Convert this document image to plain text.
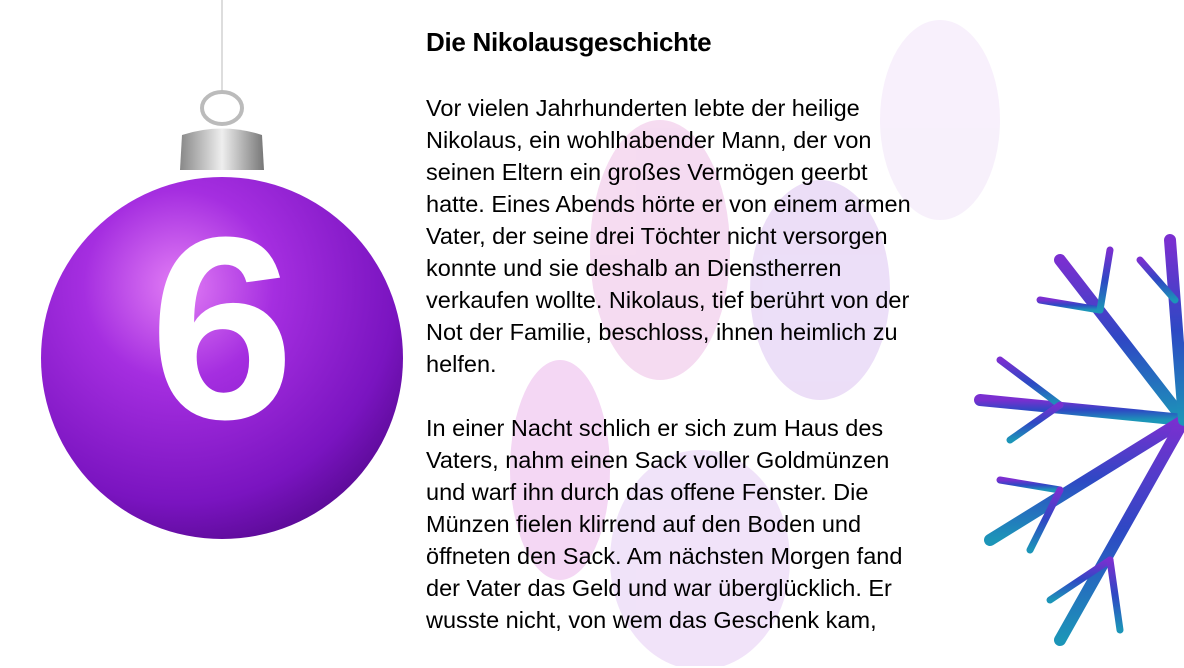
6
Die Nikolausgeschichte
Vor vielen Jahrhunderten lebte der heilige
Nikolaus, ein wohlhabender Mann, der von
seinen Eltern ein großes Vermögen geerbt
hatte. Eines Abends hörte er von einem armen
Vater, der seine drei Töchter nicht versorgen
konnte und sie deshalb an Dienstherren
verkaufen wollte. Nikolaus, tief berührt von der
Not der Familie, beschloss, ihnen heimlich zu
helfen.
In einer Nacht schlich er sich zum Haus des
Vaters, nahm einen Sack voller Goldmünzen
und warf ihn durch das offene Fenster. Die
Münzen fielen klirrend auf den Boden und
öffneten den Sack. Am nächsten Morgen fand
der Vater das Geld und war überglücklich. Er
wusste nicht, von wem das Geschenk kam,
